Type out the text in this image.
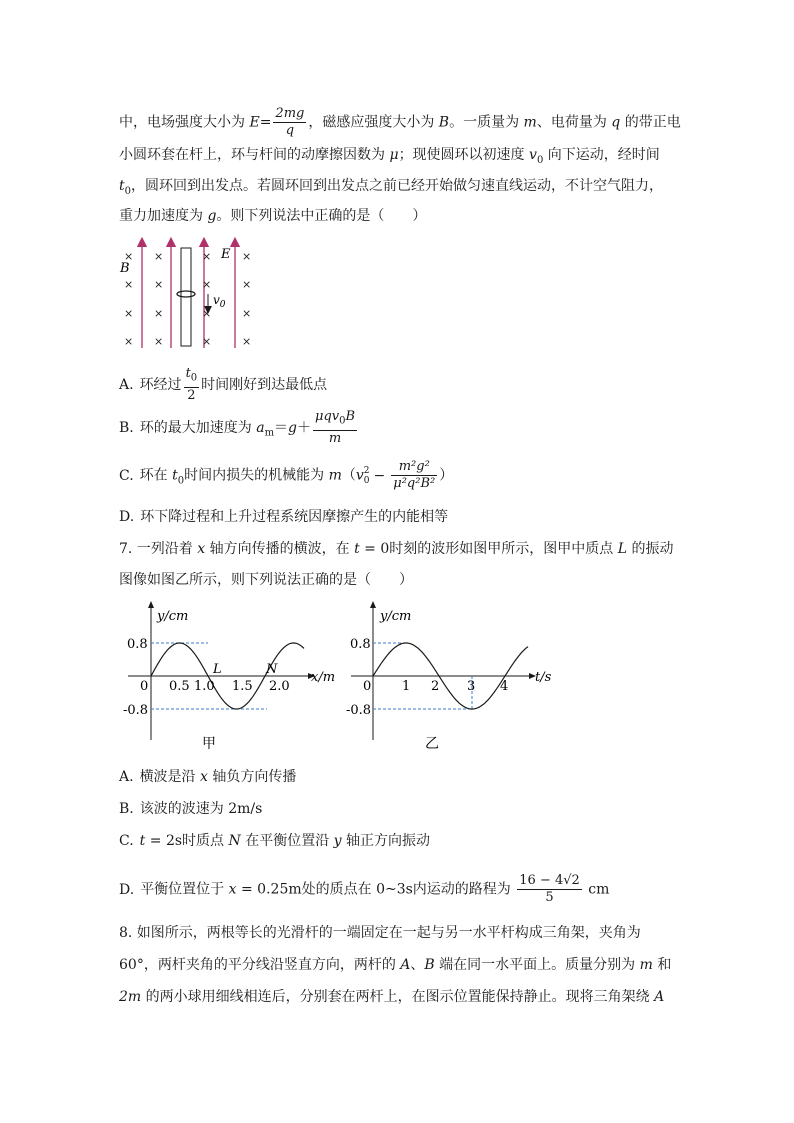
中，电场强度大小为 $E= \frac{2mg}{q}$ ，磁感应强度大小为 B。一质量为 m、电荷量为 q 的带正电
小圆环套在杆上，环与杆间的动摩擦因数为 μ；现使圆环以初速度 $v_0$ 向下运动，经时间
$t_0$，圆环回到出发点。若圆环回到出发点之前已经开始做匀速直线运动，不计空气阻力，
重力加速度为 g。则下列说法中正确的是（　　）
$v_0$
B
E
× ×	×	×
× ×	×	×
× ×	×	×
× ×	×	×
A. 环经过 $\frac{t_0}{2}$ 时间刚好到达最低点
B. 环的最大加速度为 $a_m=g+ \frac{\mu qv_0B}{m}$
C. 环在 $t_0$时间内损失的机械能为 m（v 2
$0 - \frac{\text{m²g²}}{\text{μ²q²B²}}$ ）
D. 环下降过程和上升过程系统因摩擦产生的内能相等
7. 一列沿着 x 轴方向传播的横波，在 t = 0时刻的波形如图甲所示，图甲中质点 L 的振动
图像如图乙所示，则下列说法正确的是（　　）
y/cm
x/m
0.8
-0.8
0 0.5 1.0 1.5 2.0
L	N
甲
y/cm
t/s
0.8
-0.8
0 1 2 3 4
乙
A. 横波是沿 x 轴负方向传播
B. 该波的波速为 2m/s
C. t = 2s时质点 N 在平衡位置沿 y 轴正方向振动
D. 平衡位置位于 x = 0.25m处的质点在 0~3s内运动的路程为 $\frac{16 - 4√2}{5}$ cm
8. 如图所示，两根等长的光滑杆的一端固定在一起与另一水平杆构成三角架，夹角为
60°，两杆夹角的平分线沿竖直方向，两杆的 A、B 端在同一水平面上。质量分别为 m 和
2m 的两小球用细线相连后，分别套在两杆上，在图示位置能保持静止。现将三角架绕 A
